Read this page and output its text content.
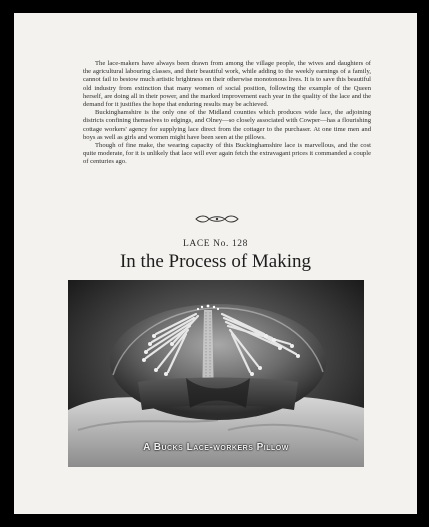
The lace-makers have always been drawn from among the village people, the wives and daughters of the agricultural labouring classes, and their beautiful work, while adding to the weekly earnings of a family, cannot fail to bestow much artistic brightness on their otherwise monotonous lives. It is to save this beautiful old industry from extinction that many women of social position, following the example of the Queen herself, are doing all in their power, and the marked improvement each year in the quality of the lace and the demand for it justifies the hope that enduring results may be achieved.

Buckinghamshire is the only one of the Midland counties which produces wide lace, the adjoining districts confining themselves to edgings, and Olney—so closely associated with Cowper—has a flourishing cottage workers' agency for supplying lace direct from the cottager to the purchaser. At one time men and boys as well as girls and women might have been seen at the pillows.

Though of fine make, the wearing capacity of this Buckinghamshire lace is marvellous, and the cost quite moderate, for it is unlikely that lace will ever again fetch the extravagant prices it commanded a couple of centuries ago.

LACE No. 128
In the Process of Making
A Bucks Lace-workers Pillow
